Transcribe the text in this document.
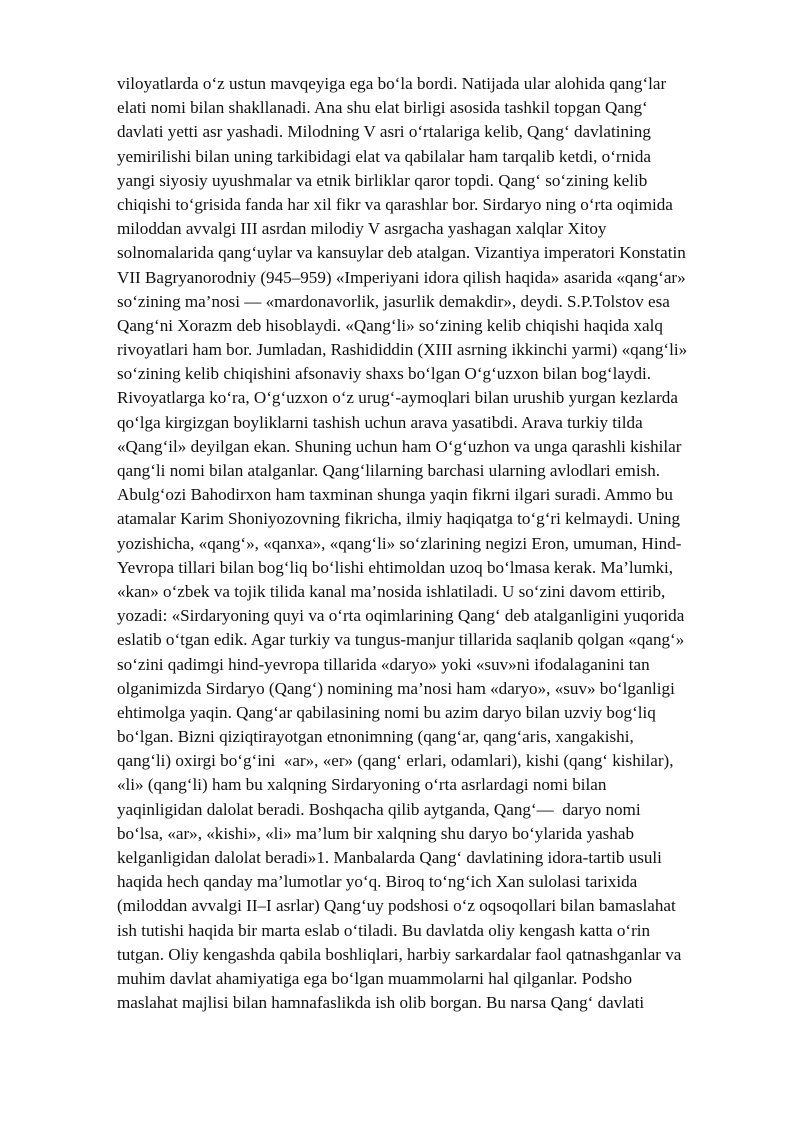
viloyatlarda o‘z ustun mavqeyiga ega bo‘la bordi. Natijada ular alohida qang‘lar
elati nomi bilan shakllanadi. Ana shu elat birligi asosida tashkil topgan Qang‘
davlati yetti asr yashadi. Milodning V asri o‘rtalariga kelib, Qang‘ davlatining
yemirilishi bilan uning tarkibidagi elat va qabilalar ham tarqalib ketdi, o‘rnida
yangi siyosiy uyushmalar va etnik birliklar qaror topdi. Qang‘ so‘zining kelib
chiqishi to‘grisida fanda har xil fikr va qarashlar bor. Sirdaryo ning o‘rta oqimida
miloddan avvalgi III asrdan milodiy V asrgacha yashagan xalqlar Xitoy
solnomalarida qang‘uylar va kansuylar deb atalgan. Vizantiya imperatori Konstatin
VII Bagryanorodniy (945–959) «Imperiyani idora qilish haqida» asarida «qang‘ar»
so‘zining ma’nosi — «mardonavorlik, jasurlik demakdir», deydi. S.P.Tolstov esa
Qang‘ni Xorazm deb hisoblaydi. «Qang‘li» so‘zining kelib chiqishi haqida xalq
rivoyatlari ham bor. Jumladan, Rashididdin (XIII asrning ikkinchi yarmi) «qang‘li»
so‘zining kelib chiqishini afsonaviy shaxs bo‘lgan O‘g‘uzxon bilan bog‘laydi.
Rivoyatlarga ko‘ra, O‘g‘uzxon o‘z urug‘-aymoqlari bilan urushib yurgan kezlarda
qo‘lga kirgizgan boyliklarni tashish uchun arava yasatibdi. Arava turkiy tilda
«Qang‘il» deyilgan ekan. Shuning uchun ham O‘g‘uzhon va unga qarashli kishilar
qang‘li nomi bilan atalganlar. Qang‘lilarning barchasi ularning avlodlari emish.
Abulg‘ozi Bahodirxon ham taxminan shunga yaqin fikrni ilgari suradi. Ammo bu
atamalar Karim Shoniyozovning fikricha, ilmiy haqiqatga to‘g‘ri kelmaydi. Uning
yozishicha, «qang‘», «qanxa», «qang‘li» so‘zlarining negizi Eron, umuman, Hind-
Yevropa tillari bilan bog‘liq bo‘lishi ehtimoldan uzoq bo‘lmasa kerak. Ma’lumki,
«kan» o‘zbek va tojik tilida kanal ma’nosida ishlatiladi. U so‘zini davom ettirib,
yozadi: «Sirdaryoning quyi va o‘rta oqimlarining Qang‘ deb atalganligini yuqorida
eslatib o‘tgan edik. Agar turkiy va tungus-manjur tillarida saqlanib qolgan «qang‘»
so‘zini qadimgi hind-yevropa tillarida «daryo» yoki «suv»ni ifodalaganini tan
olganimizda Sirdaryo (Qang‘) nomining ma’nosi ham «daryo», «suv» bo‘lganligi
ehtimolga yaqin. Qang‘ar qabilasining nomi bu azim daryo bilan uzviy bog‘liq
bo‘lgan. Bizni qiziqtirayotgan etnonimning (qang‘ar, qang‘aris, xangakishi,
qang‘li) oxirgi bo‘g‘ini  «ar», «er» (qang‘ erlari, odamlari), kishi (qang‘ kishilar),
«li» (qang‘li) ham bu xalqning Sirdaryoning o‘rta asrlardagi nomi bilan
yaqinligidan dalolat beradi. Boshqacha qilib aytganda, Qang‘—  daryo nomi
bo‘lsa, «ar», «kishi», «li» ma’lum bir xalqning shu daryo bo‘ylarida yashab
kelganligidan dalolat beradi»1. Manbalarda Qang‘ davlatining idora-tartib usuli
haqida hech qanday ma’lumotlar yo‘q. Biroq to‘ng‘ich Xan sulolasi tarixida
(miloddan avvalgi II–I asrlar) Qang‘uy podshosi o‘z oqsoqollari bilan bamaslahat
ish tutishi haqida bir marta eslab o‘tiladi. Bu davlatda oliy kengash katta o‘rin
tutgan. Oliy kengashda qabila boshliqlari, harbiy sarkardalar faol qatnashganlar va
muhim davlat ahamiyatiga ega bo‘lgan muammolarni hal qilganlar. Podsho
maslahat majlisi bilan hamnafaslikda ish olib borgan. Bu narsa Qang‘ davlati
